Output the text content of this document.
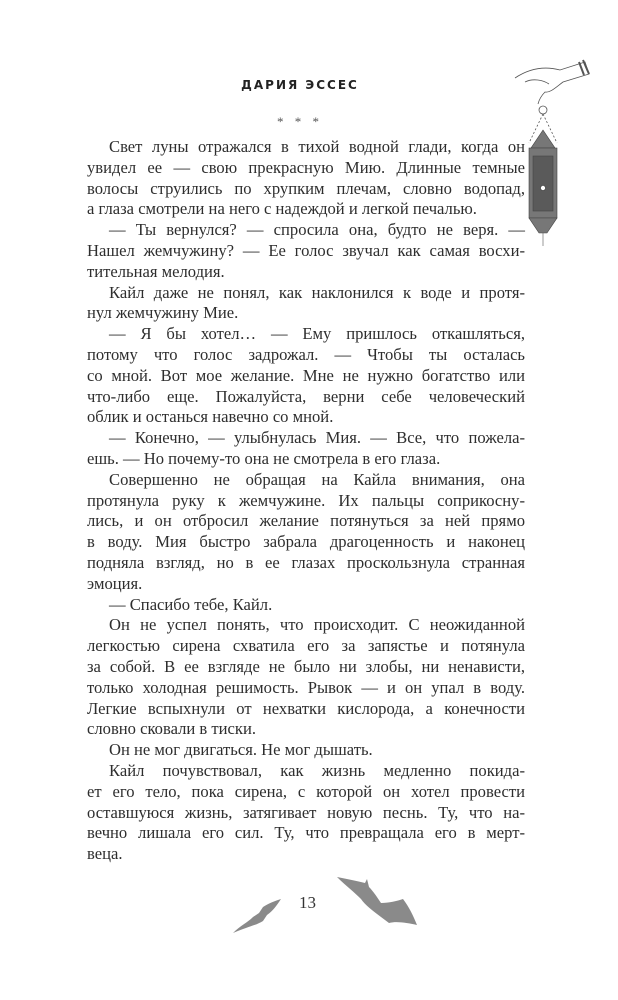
ДАРИЯ ЭССЕС
* * *
Свет луны отражался в тихой водной глади, когда он
увидел ее — свою прекрасную Мию. Длинные темные
волосы струились по хрупким плечам, словно водопад,
а глаза смотрели на него с надеждой и легкой печалью.
— Ты вернулся? — спросила она, будто не веря. —
Нашел жемчужину? — Ее голос звучал как самая восхи-
тительная мелодия.
Кайл даже не понял, как наклонился к воде и протя-
нул жемчужину Мие.
— Я бы хотел… — Ему пришлось откашляться,
потому что голос задрожал. — Чтобы ты осталась
со мной. Вот мое желание. Мне не нужно богатство или
что-либо еще. Пожалуйста, верни себе человеческий
облик и останься навечно со мной.
— Конечно, — улыбнулась Мия. — Все, что пожела-
ешь. — Но почему-то она не смотрела в его глаза.
Совершенно не обращая на Кайла внимания, она
протянула руку к жемчужине. Их пальцы соприкосну-
лись, и он отбросил желание потянуться за ней прямо
в воду. Мия быстро забрала драгоценность и наконец
подняла взгляд, но в ее глазах проскользнула странная
эмоция.
— Спасибо тебе, Кайл.
Он не успел понять, что происходит. С неожиданной
легкостью сирена схватила его за запястье и потянула
за собой. В ее взгляде не было ни злобы, ни ненависти,
только холодная решимость. Рывок — и он упал в воду.
Легкие вспыхнули от нехватки кислорода, а конечности
словно сковали в тиски.
Он не мог двигаться. Не мог дышать.
Кайл почувствовал, как жизнь медленно покида-
ет его тело, пока сирена, с которой он хотел провести
оставшуюся жизнь, затягивает новую песнь. Ту, что на-
вечно лишала его сил. Ту, что превращала его в мерт-
веца.
13
